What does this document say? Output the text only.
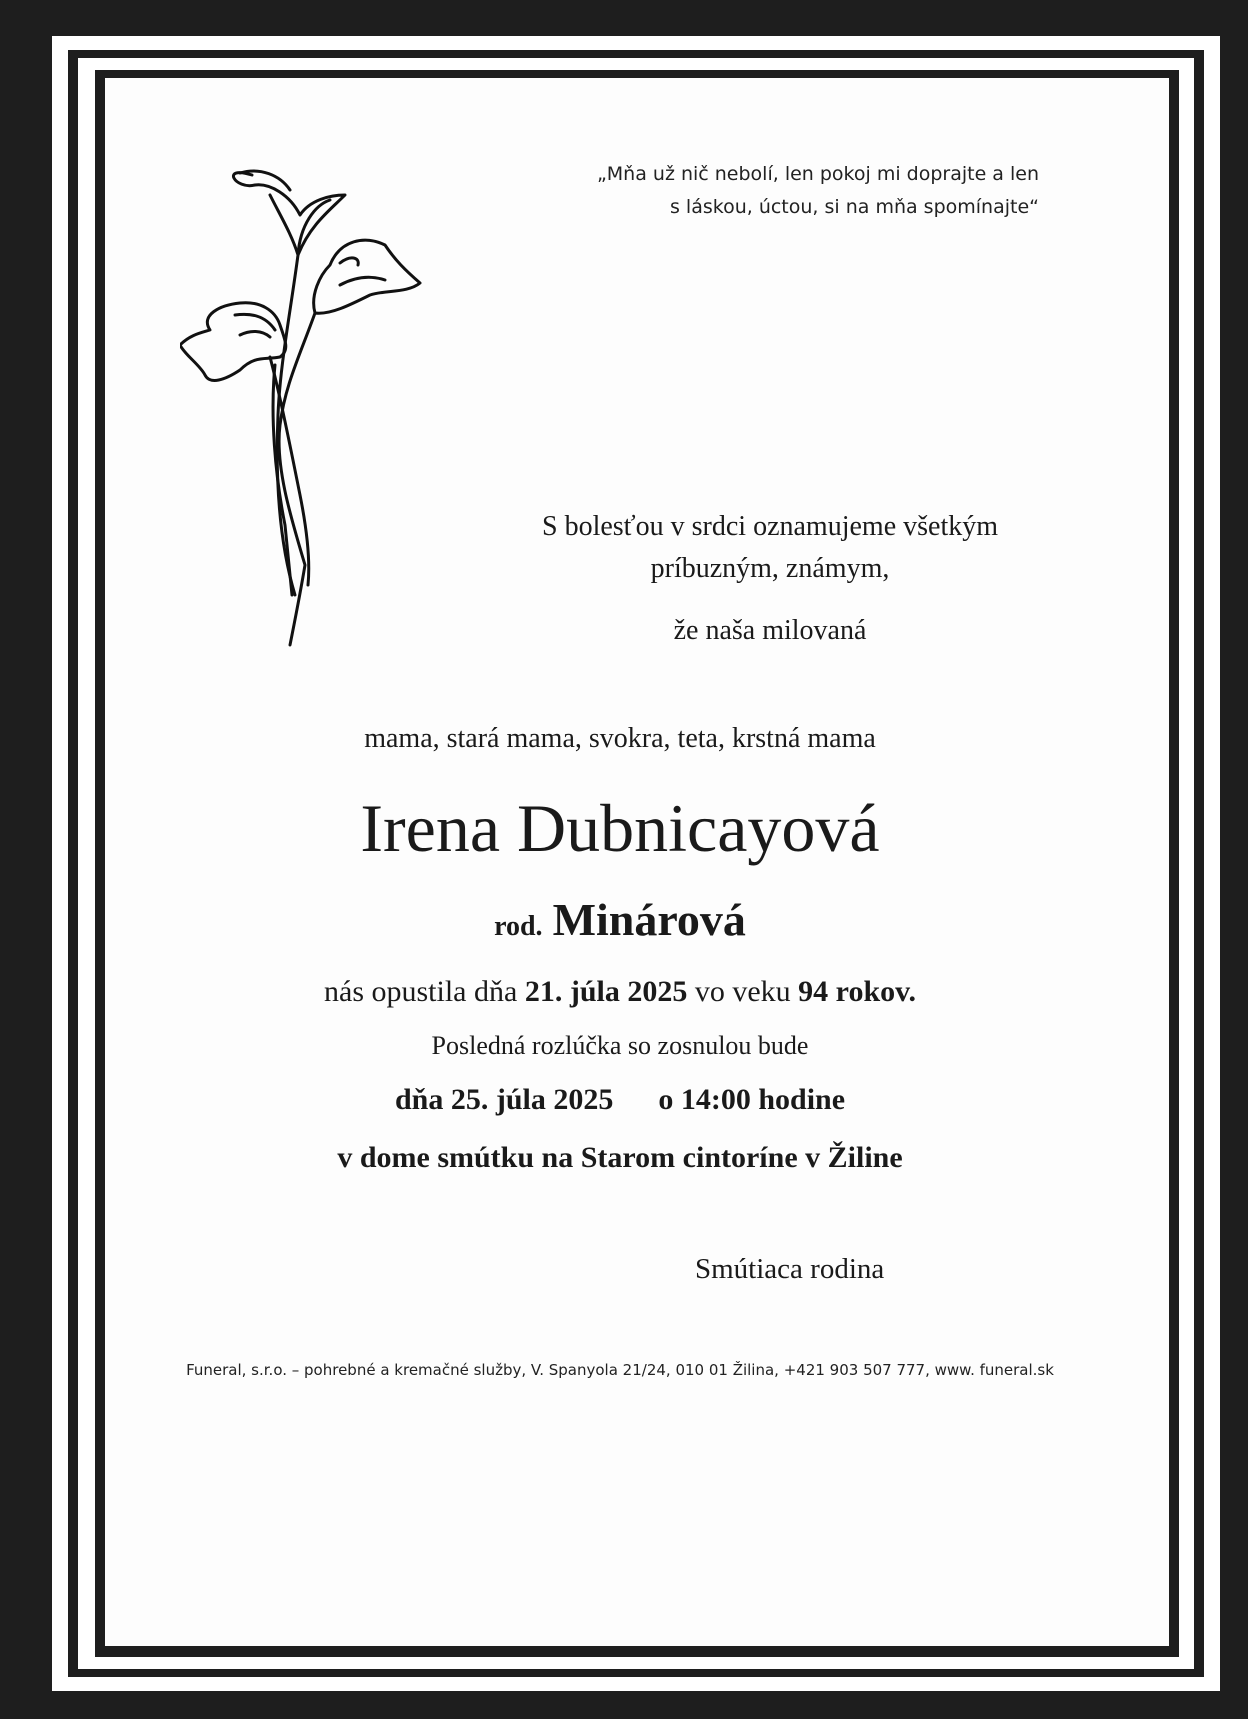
„Mňa už nič nebolí, len pokoj mi doprajte a len
s láskou, úctou, si na mňa spomínajte“
S bolesťou v srdci oznamujeme všetkým
príbuzným, známym,
že naša milovaná
mama, stará mama, svokra, teta, krstná mama
Irena Dubnicayová
rod. Minárová
nás opustila dňa 21. júla 2025 vo veku 94 rokov.
Posledná rozlúčka so zosnulou bude
dňa 25. júla 2025 o 14:00 hodine
v dome smútku na Starom cintoríne v Žiline
Smútiaca rodina
Funeral, s.r.o. – pohrebné a kremačné služby, V. Spanyola 21/24, 010 01 Žilina, +421 903 507 777, www. funeral.sk
